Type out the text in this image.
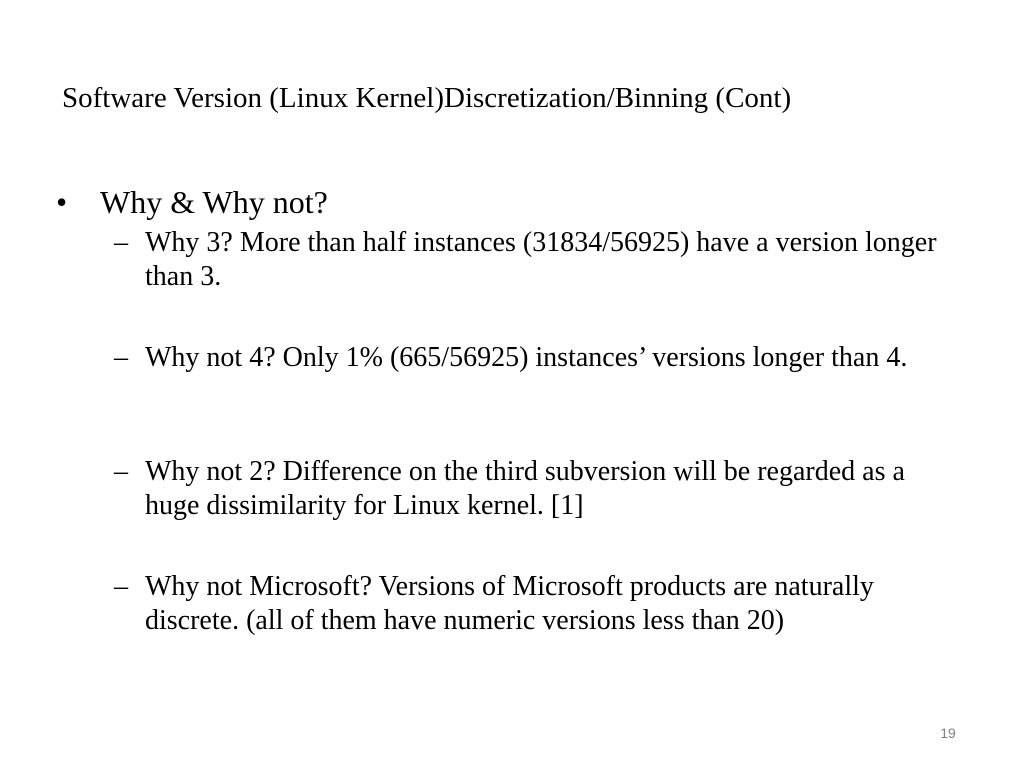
Software Version (Linux Kernel)Discretization/Binning (Cont)
•	Why & Why not?
– Why 3? More than half instances (31834/56925) have a version longer than 3.
– Why not 4? Only 1% (665/56925) instances’ versions longer than 4.
– Why not 2? Difference on the third subversion will be regarded as a huge dissimilarity for Linux kernel. [1]
– Why not Microsoft? Versions of Microsoft products are naturally discrete. (all of them have numeric versions less than 20)
19
